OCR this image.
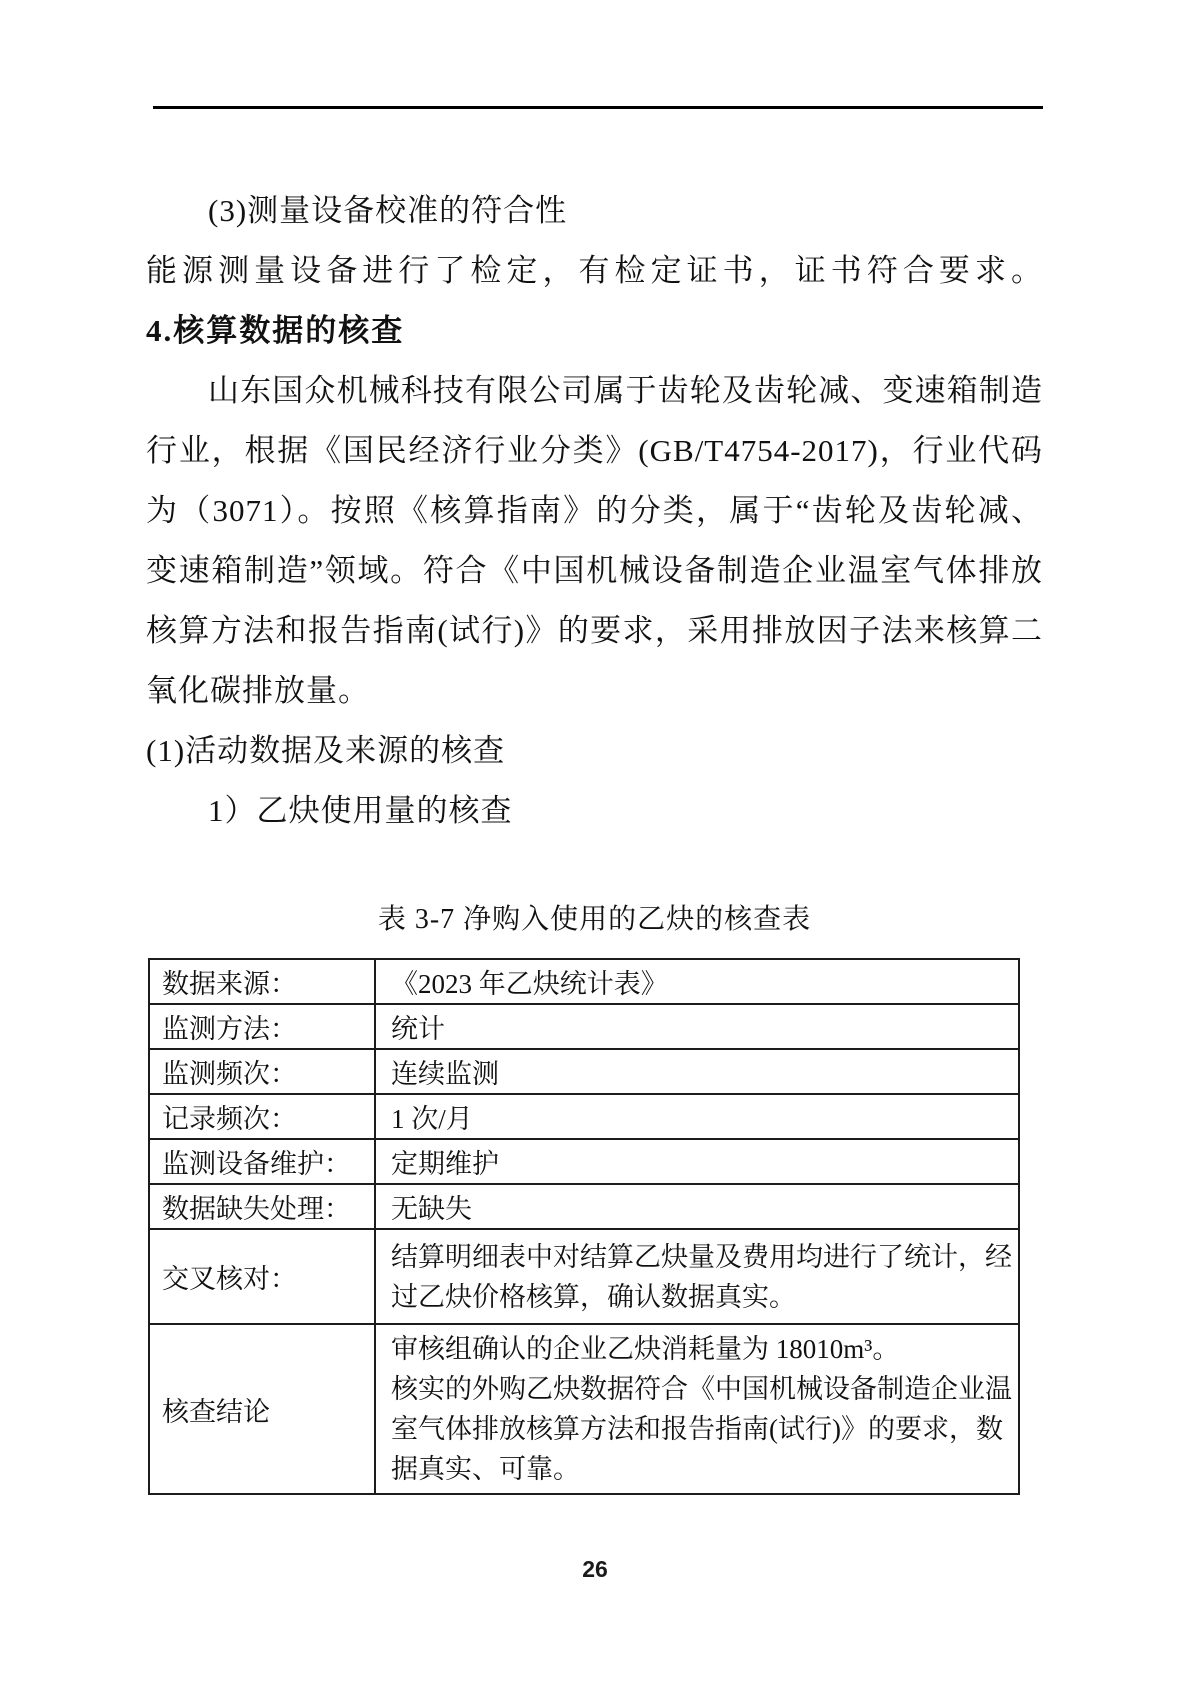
(3)测量设备校准的符合性
能源测量设备进行了检定，有检定证书，证书符合要求。
4.核算数据的核查
山东国众机械科技有限公司属于齿轮及齿轮减、变速箱制造
行业，根据《国民经济行业分类》(GB/T4754-2017)，行业代码
为（3071）。按照《核算指南》的分类，属于“齿轮及齿轮减、
变速箱制造”领域。符合《中国机械设备制造企业温室气体排放
核算方法和报告指南(试行)》的要求，采用排放因子法来核算二
氧化碳排放量。
(1)活动数据及来源的核查
1）乙炔使用量的核查
表 3-7 净购入使用的乙炔的核查表
数据来源：	《2023 年乙炔统计表》
监测方法：	统计
监测频次：	连续监测
记录频次：	1 次/月
监测设备维护：	定期维护
数据缺失处理：	无缺失
交叉核对：	结算明细表中对结算乙炔量及费用均进行了统计，经
过乙炔价格核算，确认数据真实。

核查结论	审核组确认的企业乙炔消耗量为 18010m³。
核实的外购乙炔数据符合《中国机械设备制造企业温
室气体排放核算方法和报告指南(试行)》的要求，数
据真实、可靠。
26
